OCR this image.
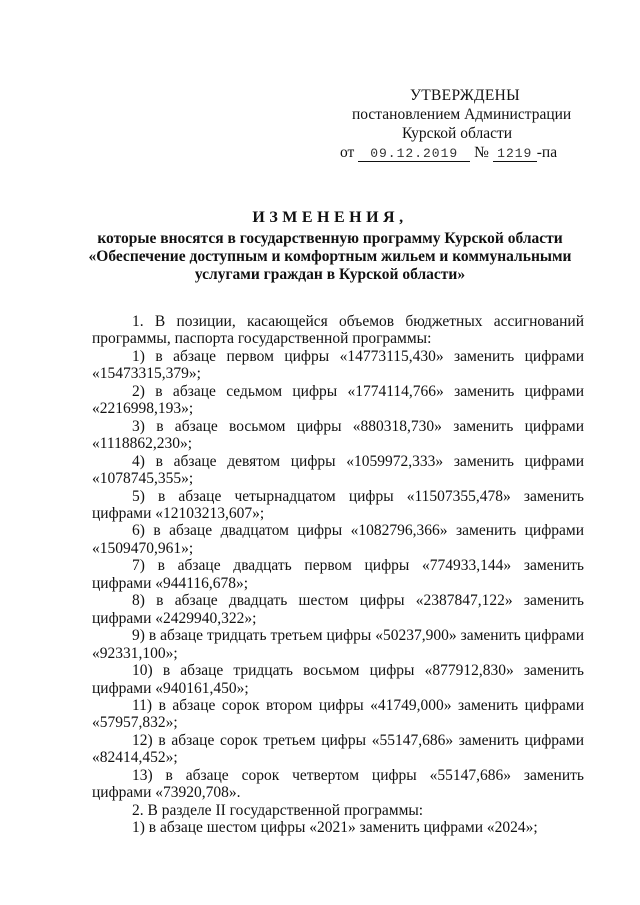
УТВЕРЖДЕНЫ
постановлением Администрации
Курской области
от 09.12.2019 № 1219 -па
ИЗМЕНЕНИЯ,
которые вносятся в государственную программу Курской области
«Обеспечение доступным и комфортным жильем и коммунальными
услугами граждан в Курской области»

1. В позиции, касающейся объемов бюджетных ассигнований программы, паспорта государственной программы:

1) в абзаце первом цифры «14773115,430» заменить цифрами «15473315,379»;

2) в абзаце седьмом цифры «1774114,766» заменить цифрами «2216998,193»;

3) в абзаце восьмом цифры «880318,730» заменить цифрами «1118862,230»;

4) в абзаце девятом цифры «1059972,333» заменить цифрами «1078745,355»;

5) в абзаце четырнадцатом цифры «11507355,478» заменить цифрами «12103213,607»;

6) в абзаце двадцатом цифры «1082796,366» заменить цифрами «1509470,961»;

7) в абзаце двадцать первом цифры «774933,144» заменить цифрами «944116,678»;

8) в абзаце двадцать шестом цифры «2387847,122» заменить цифрами «2429940,322»;

9) в абзаце тридцать третьем цифры «50237,900» заменить цифрами «92331,100»;

10) в абзаце тридцать восьмом цифры «877912,830» заменить цифрами «940161,450»;

11) в абзаце сорок втором цифры «41749,000» заменить цифрами «57957,832»;

12) в абзаце сорок третьем цифры «55147,686» заменить цифрами «82414,452»;

13) в абзаце сорок четвертом цифры «55147,686» заменить цифрами «73920,708».

2. В разделе II государственной программы:

1) в абзаце шестом цифры «2021» заменить цифрами «2024»;
